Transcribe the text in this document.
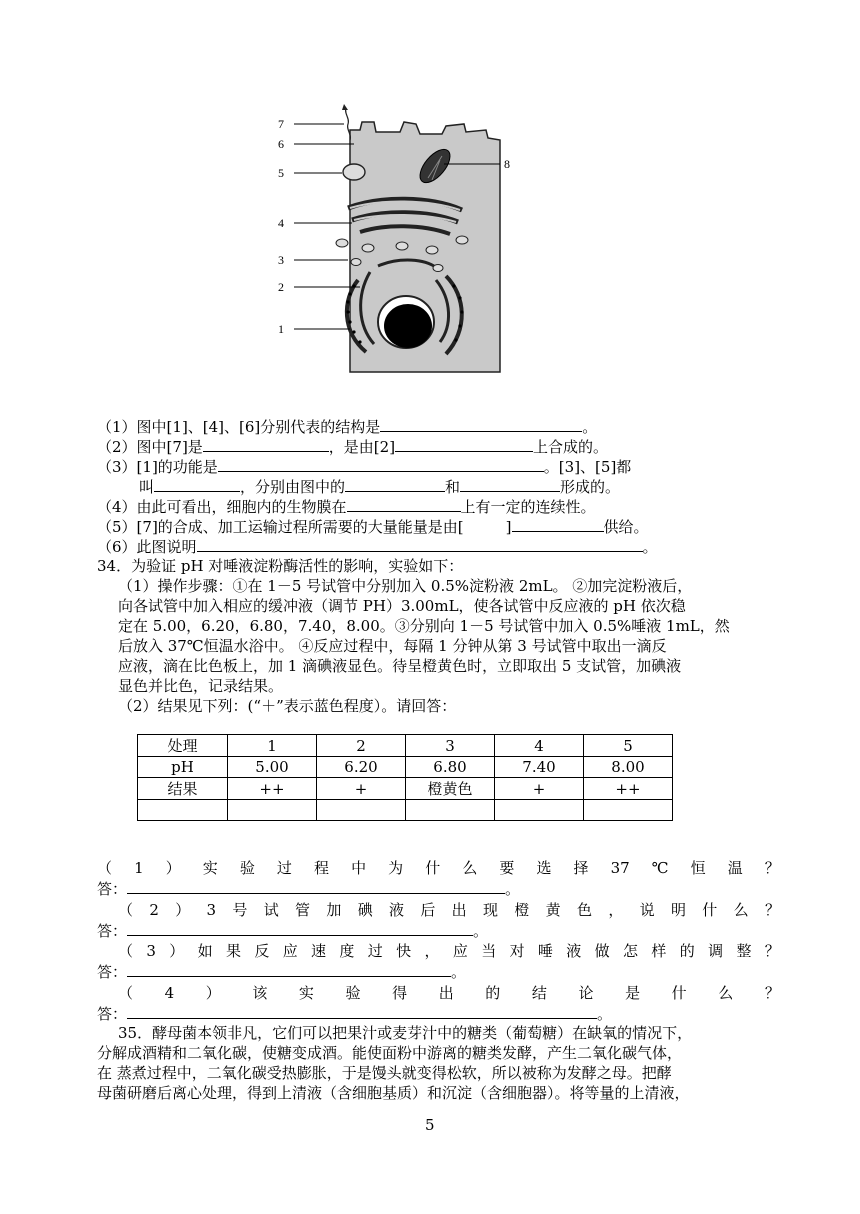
7
6
5
4
3
2
1
8
（1）图中[1]、[4]、[6]分别代表的结构是	。
（2）图中[7]是	，是由[2]	上合成的。
（3）[1]的功能是	。[3]、[5]都
叫	，分别由图中的	和	形成的。
（4）由此可看出，细胞内的生物膜在	上有一定的连续性。
（5）[7]的合成、加工运输过程所需要的大量能量是由[	]	供给。
（6）此图说明	。
34．为验证 pH 对唾液淀粉酶活性的影响，实验如下：
（1）操作步骤：①在 1－5 号试管中分别加入 0.5%淀粉液 2mL。 ②加完淀粉液后，
向各试管中加入相应的缓冲液（调节 PH）3.00mL，使各试管中反应液的 pH 依次稳
定在 5.00，6.20，6.80，7.40，8.00。③分别向 1－5 号试管中加入 0.5%唾液 1mL，然
后放入 37℃恒温水浴中。 ④反应过程中，每隔 1 分钟从第 3 号试管中取出一滴反
应液，滴在比色板上，加 1 滴碘液显色。待呈橙黄色时，立即取出 5 支试管，加碘液
显色并比色，记录结果。
（2）结果见下列：(“＋”表示蓝色程度）。请回答：
处理	1	2	3	4	5
pH	5.00	6.20	6.80	7.40	8.00
结果	++	+	橙黄色	+	++

（ 1 ） 实 验 过 程 中 为 什 么 要 选 择 37 ℃ 恒 温 ？
答：	。
（ 2 ） 3 号 试 管 加 碘 液 后 出 现 橙 黄 色 ， 说 明 什 么 ？
答：	。
（ 3 ） 如 果 反 应 速 度 过 快 ， 应 当 对 唾 液 做 怎 样 的 调 整 ？
答：	。
（ 4 ） 该 实 验 得 出 的 结 论 是 什 么 ？
答：	。
35．酵母菌本领非凡，它们可以把果汁或麦芽汁中的糖类（葡萄糖）在缺氧的情况下，
分解成酒精和二氧化碳，使糖变成酒。能使面粉中游离的糖类发酵，产生二氧化碳气体，
在 蒸煮过程中，二氧化碳受热膨胀，于是馒头就变得松软，所以被称为发酵之母。把酵
母菌研磨后离心处理，得到上清液（含细胞基质）和沉淀（含细胞器）。将等量的上清液，
5
